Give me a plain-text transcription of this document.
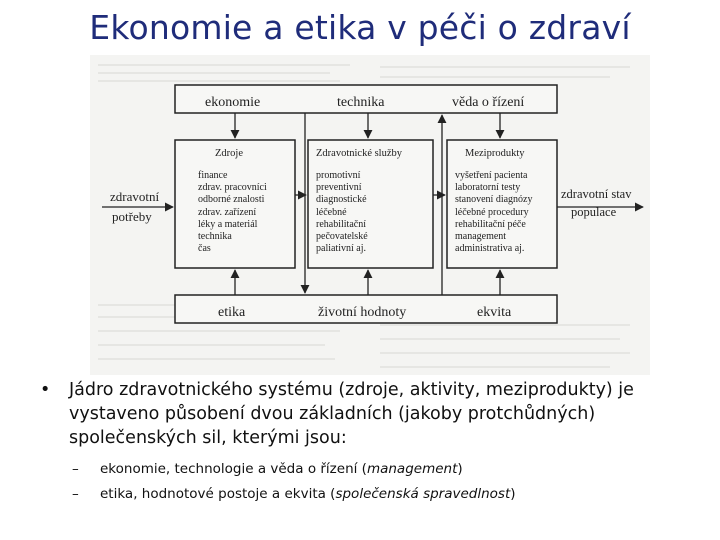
Ekonomie a etika v péči o zdraví
ekonomie	technika	věda o řízení
etika	životní hodnoty	ekvita
Zdroje	Zdravotnické služby	Meziprodukty
finance
zdrav. pracovníci
odborné znalosti
zdrav. zařízení
léky a materiál
technika
čas
promotivní
preventivní
diagnostické
léčebné
rehabilitační
pečovatelské
paliativní aj.
vyšetření pacienta
laboratorní testy
stanovení diagnózy
léčebné procedury
rehabilitační péče
management
administrativa aj.
zdravotní
potřeby
zdravotní stav
populace
• Jádro zdravotnického systému (zdroje, aktivity, meziprodukty) je vystaveno působení dvou základních (jakoby protchůdných) společenských sil, kterými jsou:
– ekonomie, technologie a věda o řízení (management)
– etika, hodnotové postoje a ekvita (společenská spravedlnost)
